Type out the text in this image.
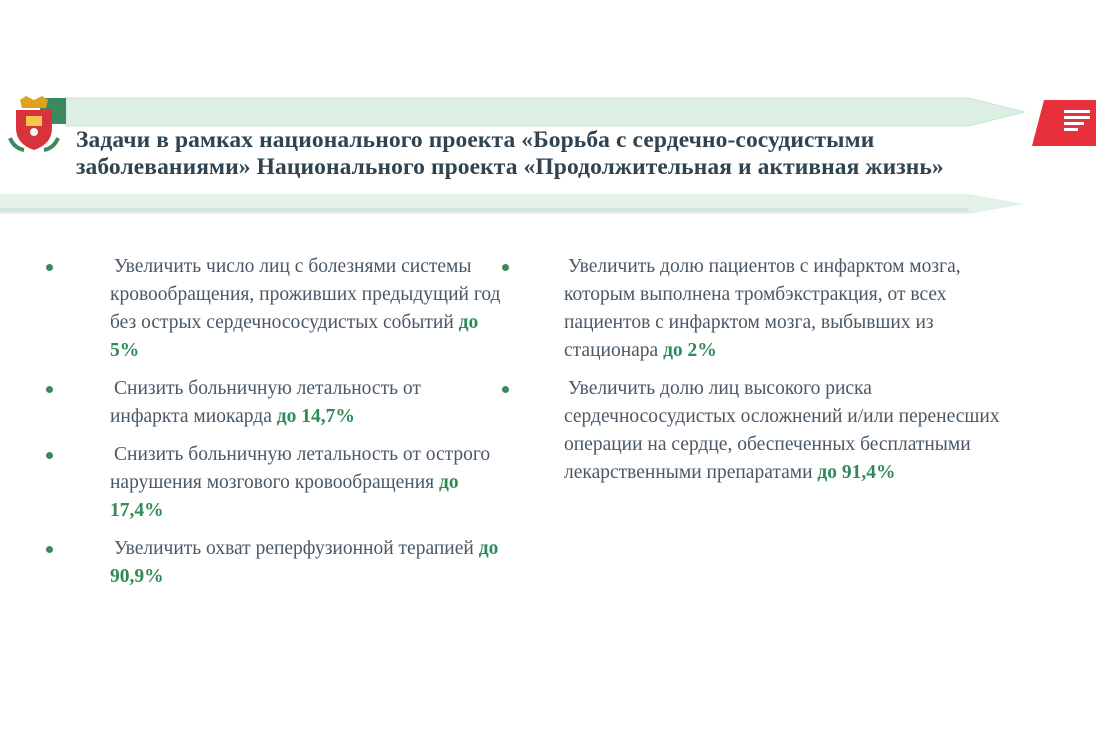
Задачи в рамках национального проекта «Борьба с сердечно-сосудистыми заболеваниями» Национального проекта «Продолжительная и активная жизнь»
Увеличить число лиц с болезнями системы кровообращения, проживших предыдущий год без острых сердечнососудистых событий до 5%
Снизить больничную летальность от инфаркта миокарда до 14,7%
Снизить больничную летальность от острого нарушения мозгового кровообращения до 17,4%
Увеличить охват реперфузионной терапией до 90,9%
Увеличить долю пациентов с инфарктом мозга, которым выполнена тромбэкстракция, от всех пациентов с инфарктом мозга, выбывших из стационара до 2%
Увеличить долю лиц высокого риска сердечнососудистых осложнений и/или перенесших операции на сердце, обеспеченных бесплатными лекарственными препаратами до 91,4%
